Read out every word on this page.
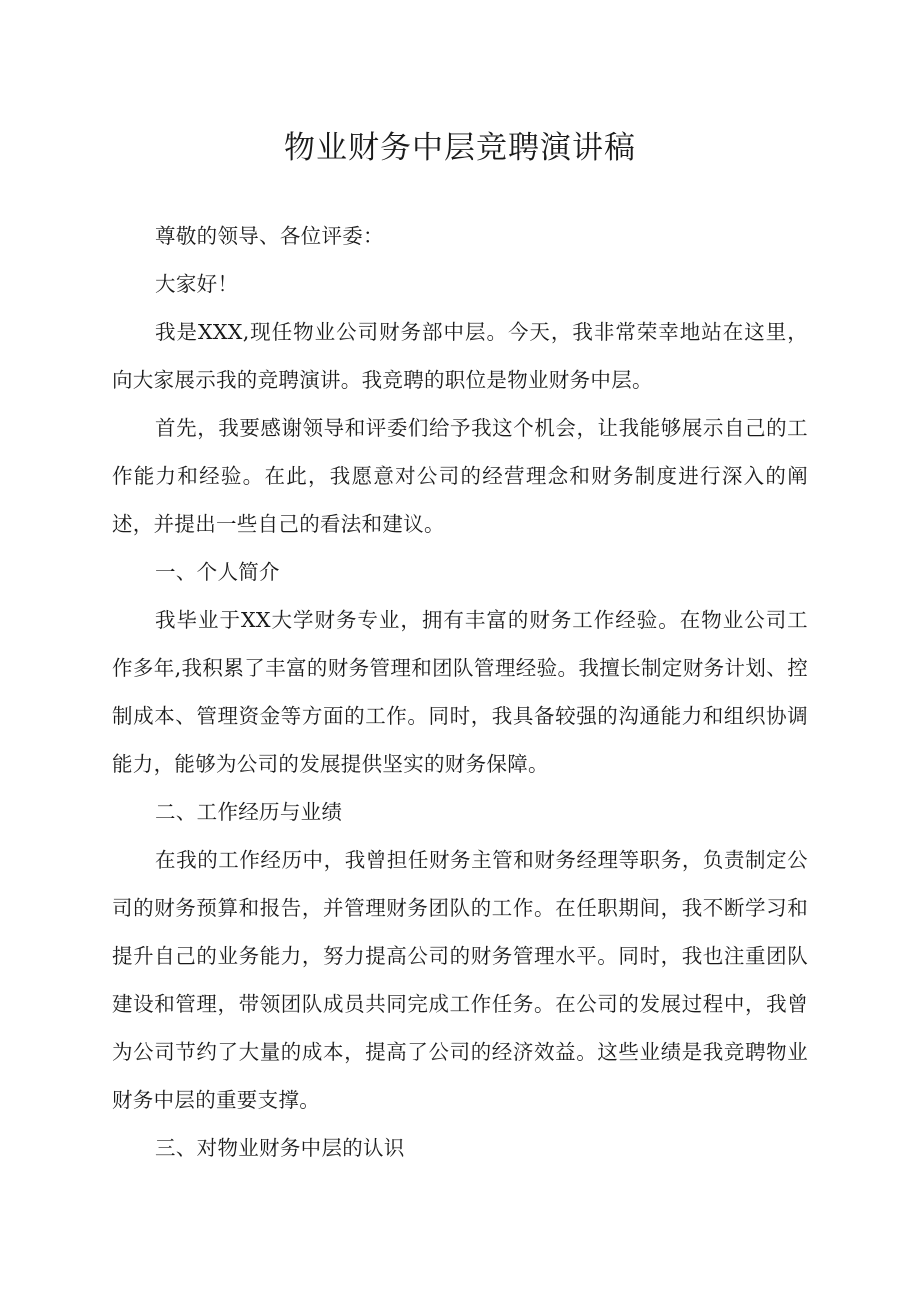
物业财务中层竞聘演讲稿

尊敬的领导、各位评委：

大家好！

我是XXX,现任物业公司财务部中层。今天，我非常荣幸地站在这里，向大家展示我的竞聘演讲。我竞聘的职位是物业财务中层。

首先，我要感谢领导和评委们给予我这个机会，让我能够展示自己的工作能力和经验。在此，我愿意对公司的经营理念和财务制度进行深入的阐述，并提出一些自己的看法和建议。

一、个人简介

我毕业于XX大学财务专业，拥有丰富的财务工作经验。在物业公司工作多年,我积累了丰富的财务管理和团队管理经验。我擅长制定财务计划、控制成本、管理资金等方面的工作。同时，我具备较强的沟通能力和组织协调能力，能够为公司的发展提供坚实的财务保障。

二、工作经历与业绩

在我的工作经历中，我曾担任财务主管和财务经理等职务，负责制定公司的财务预算和报告，并管理财务团队的工作。在任职期间，我不断学习和提升自己的业务能力，努力提高公司的财务管理水平。同时，我也注重团队建设和管理，带领团队成员共同完成工作任务。在公司的发展过程中，我曾为公司节约了大量的成本，提高了公司的经济效益。这些业绩是我竞聘物业财务中层的重要支撑。

三、对物业财务中层的认识
